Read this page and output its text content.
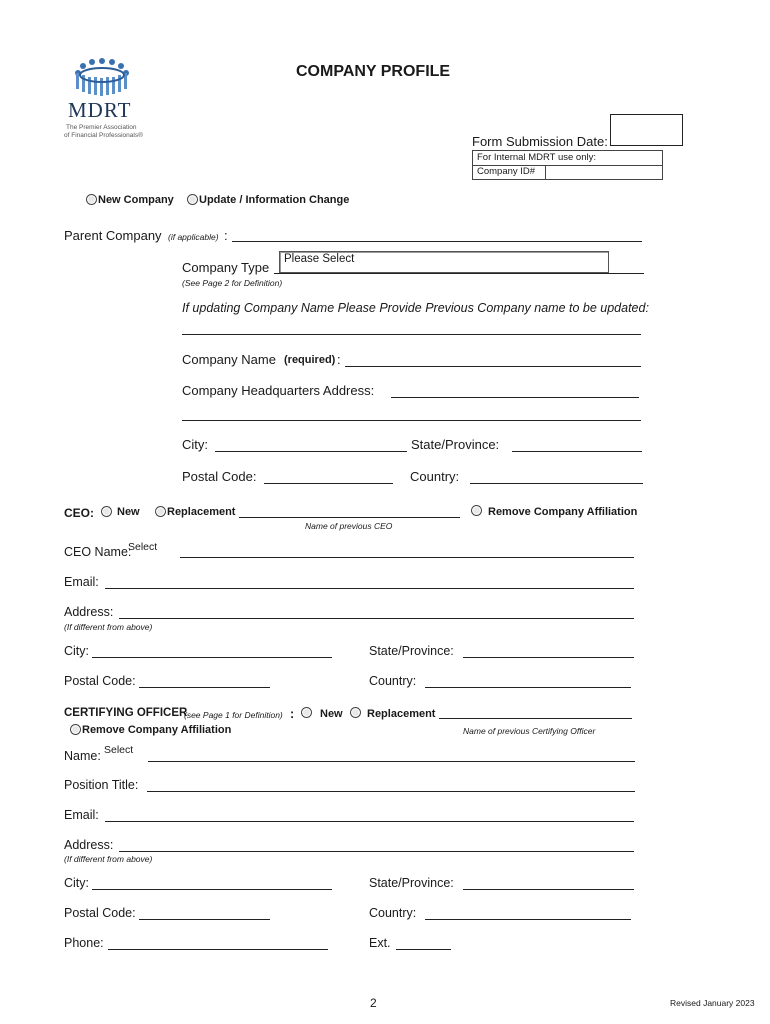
MDRT
The Premier Association
of Financial Professionals®
COMPANY PROFILE
Form Submission Date:
For Internal MDRT use only:
Company ID#
New Company Update / Information Change
Parent Company (if applicable) :
Company Type
Please Select
(See Page 2 for Definition)
If updating Company Name Please Provide Previous Company name to be updated:
Company Name (required) :
Company Headquarters Address:
City:	State/Province:
Postal Code:	Country:
CEO: New Replacement
Name of previous CEO
Remove Company Affiliation
CEO Name:
Select
Email:
Address:
(If different from above)
City:	State/Province:
Postal Code:	Country:
CERTIFYING OFFICER
(see Page 1 for Definition) : New Replacement
Remove Company Affiliation	Name of previous Certifying Officer
Name: Select
Position Title:
Email:
Address:
(If different from above)
City:	State/Province:
Postal Code:	Country:
Phone:	Ext.
2	Revised January 2023
